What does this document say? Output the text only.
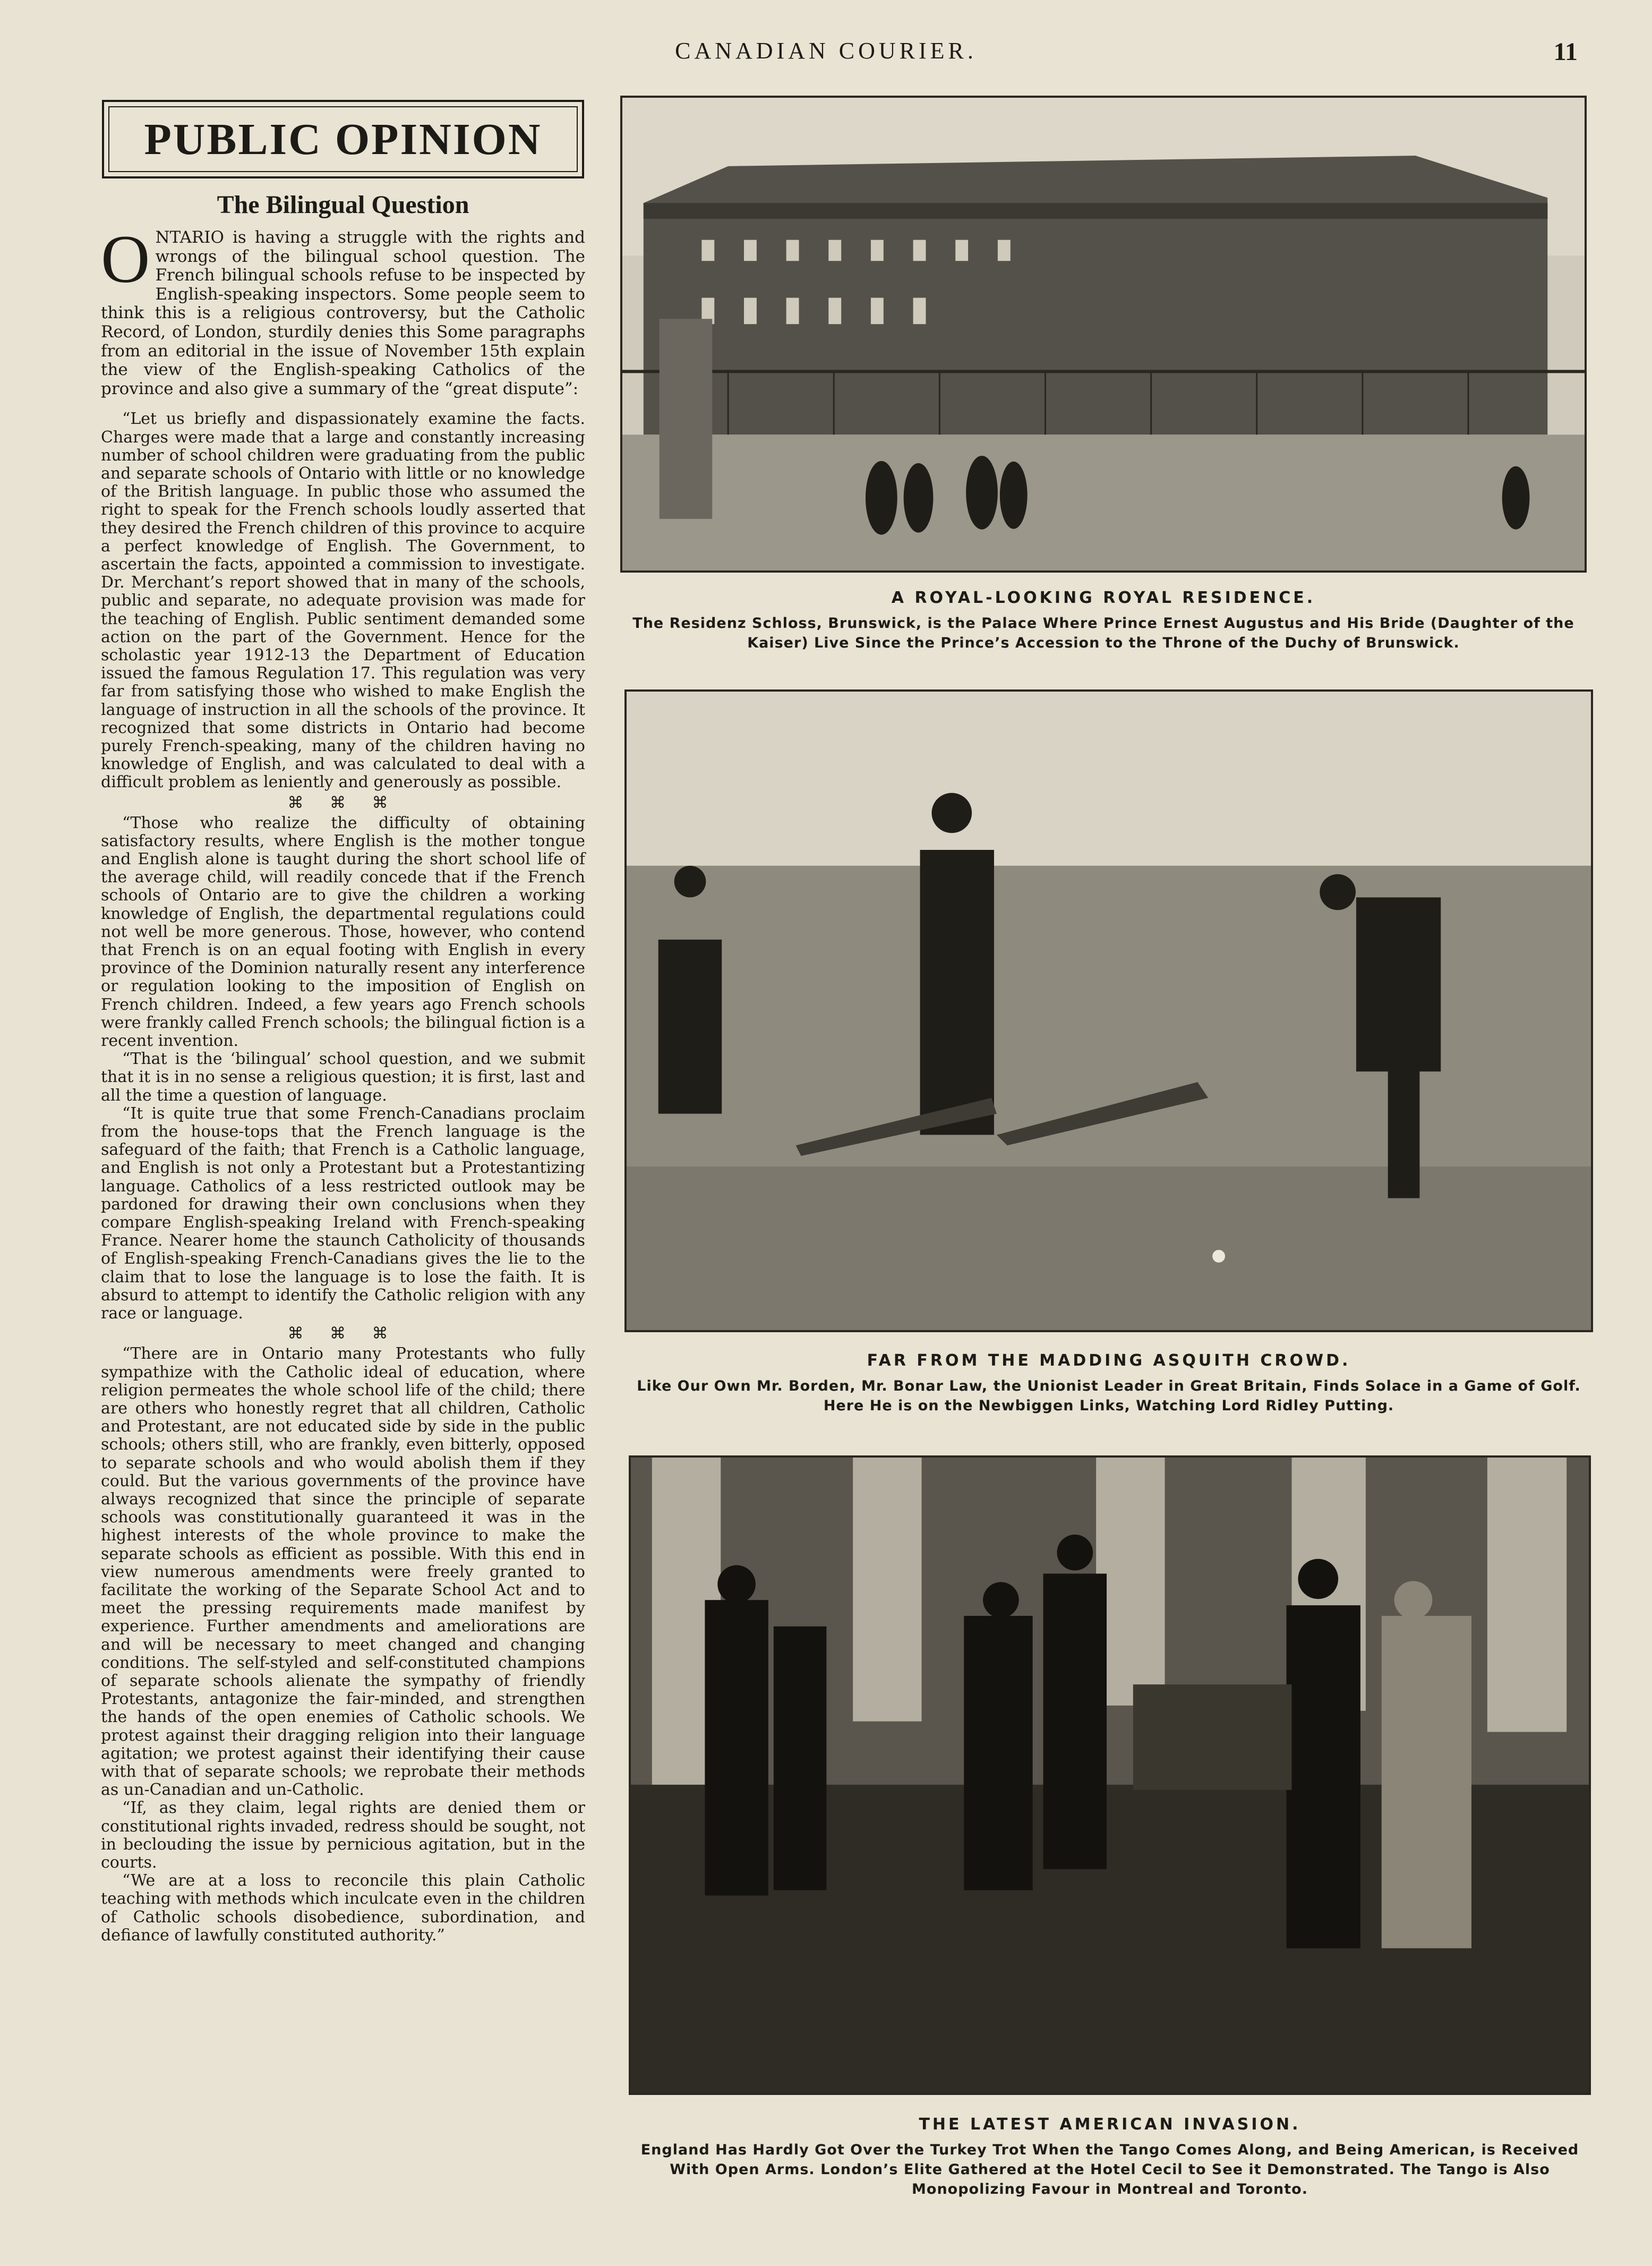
CANADIAN COURIER.	11
PUBLIC OPINION
The Bilingual Question

ONTARIO is having a struggle with the rights and wrongs of the bilingual school question. The French bilingual schools refuse to be inspected by English-speaking inspectors. Some people seem to think this is a religious controversy, but the Catholic Record, of London, sturdily denies this Some paragraphs from an editorial in the issue of November 15th explain the view of the English-speaking Catholics of the province and also give a summary of the “great dispute”:

“Let us briefly and dispassionately examine the facts. Charges were made that a large and constantly increasing number of school children were graduating from the public and separate schools of Ontario with little or no knowledge of the British language. In public those who assumed the right to speak for the French schools loudly asserted that they desired the French children of this province to acquire a perfect knowledge of English. The Government, to ascertain the facts, appointed a commission to investigate. Dr. Merchant’s report showed that in many of the schools, public and separate, no adequate provision was made for the teaching of English. Public sentiment demanded some action on the part of the Government. Hence for the scholastic year 1912-13 the Department of Education issued the famous Regulation 17. This regulation was very far from satisfying those who wished to make English the language of instruction in all the schools of the province. It recognized that some districts in Ontario had become purely French-speaking, many of the children having no knowledge of English, and was calculated to deal with a difficult problem as leniently and generously as possible.

⌘ ⌘ ⌘

“Those who realize the difficulty of obtaining satisfactory results, where English is the mother tongue and English alone is taught during the short school life of the average child, will readily concede that if the French schools of Ontario are to give the children a working knowledge of English, the departmental regulations could not well be more generous. Those, however, who contend that French is on an equal footing with English in every province of the Dominion naturally resent any interference or regulation looking to the imposition of English on French children. Indeed, a few years ago French schools were frankly called French schools; the bilingual fiction is a recent invention.

“That is the ‘bilingual’ school question, and we submit that it is in no sense a religious question; it is first, last and all the time a question of language.

“It is quite true that some French-Canadians proclaim from the house-tops that the French language is the safeguard of the faith; that French is a Catholic language, and English is not only a Protestant but a Protestantizing language. Catholics of a less restricted outlook may be pardoned for drawing their own conclusions when they compare English-speaking Ireland with French-speaking France. Nearer home the staunch Catholicity of thousands of English-speaking French-Canadians gives the lie to the claim that to lose the language is to lose the faith. It is absurd to attempt to identify the Catholic religion with any race or language.

⌘ ⌘ ⌘

“There are in Ontario many Protestants who fully sympathize with the Catholic ideal of education, where religion permeates the whole school life of the child; there are others who honestly regret that all children, Catholic and Protestant, are not educated side by side in the public schools; others still, who are frankly, even bitterly, opposed to separate schools and who would abolish them if they could. But the various governments of the province have always recognized that since the principle of separate schools was constitutionally guaranteed it was in the highest interests of the whole province to make the separate schools as efficient as possible. With this end in view numerous amendments were freely granted to facilitate the working of the Separate School Act and to meet the pressing requirements made manifest by experience. Further amendments and ameliorations are and will be necessary to meet changed and changing conditions. The self-styled and self-constituted champions of separate schools alienate the sympathy of friendly Protestants, antagonize the fair-minded, and strengthen the hands of the open enemies of Catholic schools. We protest against their dragging religion into their language agitation; we protest against their identifying their cause with that of separate schools; we reprobate their methods as un-Canadian and un-Catholic.

“If, as they claim, legal rights are denied them or constitutional rights invaded, redress should be sought, not in beclouding the issue by pernicious agitation, but in the courts.

“We are at a loss to reconcile this plain Catholic teaching with methods which inculcate even in the children of Catholic schools disobedience, subordination, and defiance of lawfully constituted authority.”

A ROYAL-LOOKING ROYAL RESIDENCE.
The Residenz Schloss, Brunswick, is the Palace Where Prince Ernest Augustus and His Bride (Daughter of the Kaiser) Live Since the Prince’s Accession to the Throne of the Duchy of Brunswick.
FAR FROM THE MADDING ASQUITH CROWD.
Like Our Own Mr. Borden, Mr. Bonar Law, the Unionist Leader in Great Britain, Finds Solace in a Game of Golf. Here He is on the Newbiggen Links, Watching Lord Ridley Putting.
THE LATEST AMERICAN INVASION.
England Has Hardly Got Over the Turkey Trot When the Tango Comes Along, and Being American, is Received With Open Arms. London’s Elite Gathered at the Hotel Cecil to See it Demonstrated. The Tango is Also Monopolizing Favour in Montreal and Toronto.
